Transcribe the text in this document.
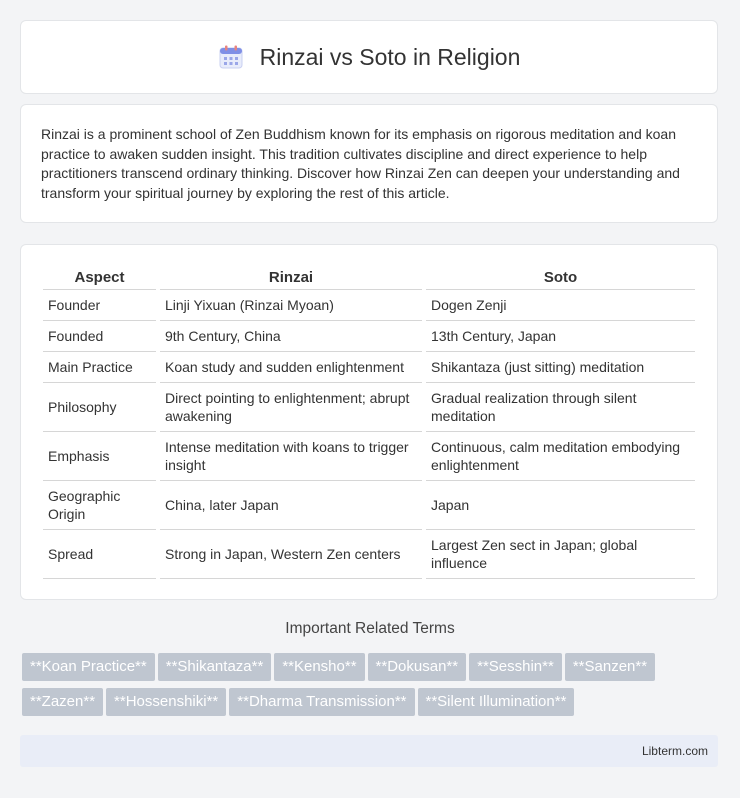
Rinzai vs Soto in Religion

Rinzai is a prominent school of Zen Buddhism known for its emphasis on rigorous meditation and koan practice to awaken sudden insight. This tradition cultivates discipline and direct experience to help practitioners transcend ordinary thinking. Discover how Rinzai Zen can deepen your understanding and transform your spiritual journey by exploring the rest of this article.

Aspect	Rinzai	Soto
Founder	Linji Yixuan (Rinzai Myoan)	Dogen Zenji
Founded	9th Century, China	13th Century, Japan
Main Practice	Koan study and sudden enlightenment	Shikantaza (just sitting) meditation
Philosophy	Direct pointing to enlightenment; abrupt awakening	Gradual realization through silent meditation
Emphasis	Intense meditation with koans to trigger insight	Continuous, calm meditation embodying enlightenment
Geographic Origin	China, later Japan	Japan
Spread	Strong in Japan, Western Zen centers	Largest Zen sect in Japan; global influence
Important Related Terms
**Koan Practice** **Shikantaza** **Kensho** **Dokusan** **Sesshin** **Sanzen****Zazen** **Hossenshiki** **Dharma Transmission** **Silent Illumination**
Libterm.com
